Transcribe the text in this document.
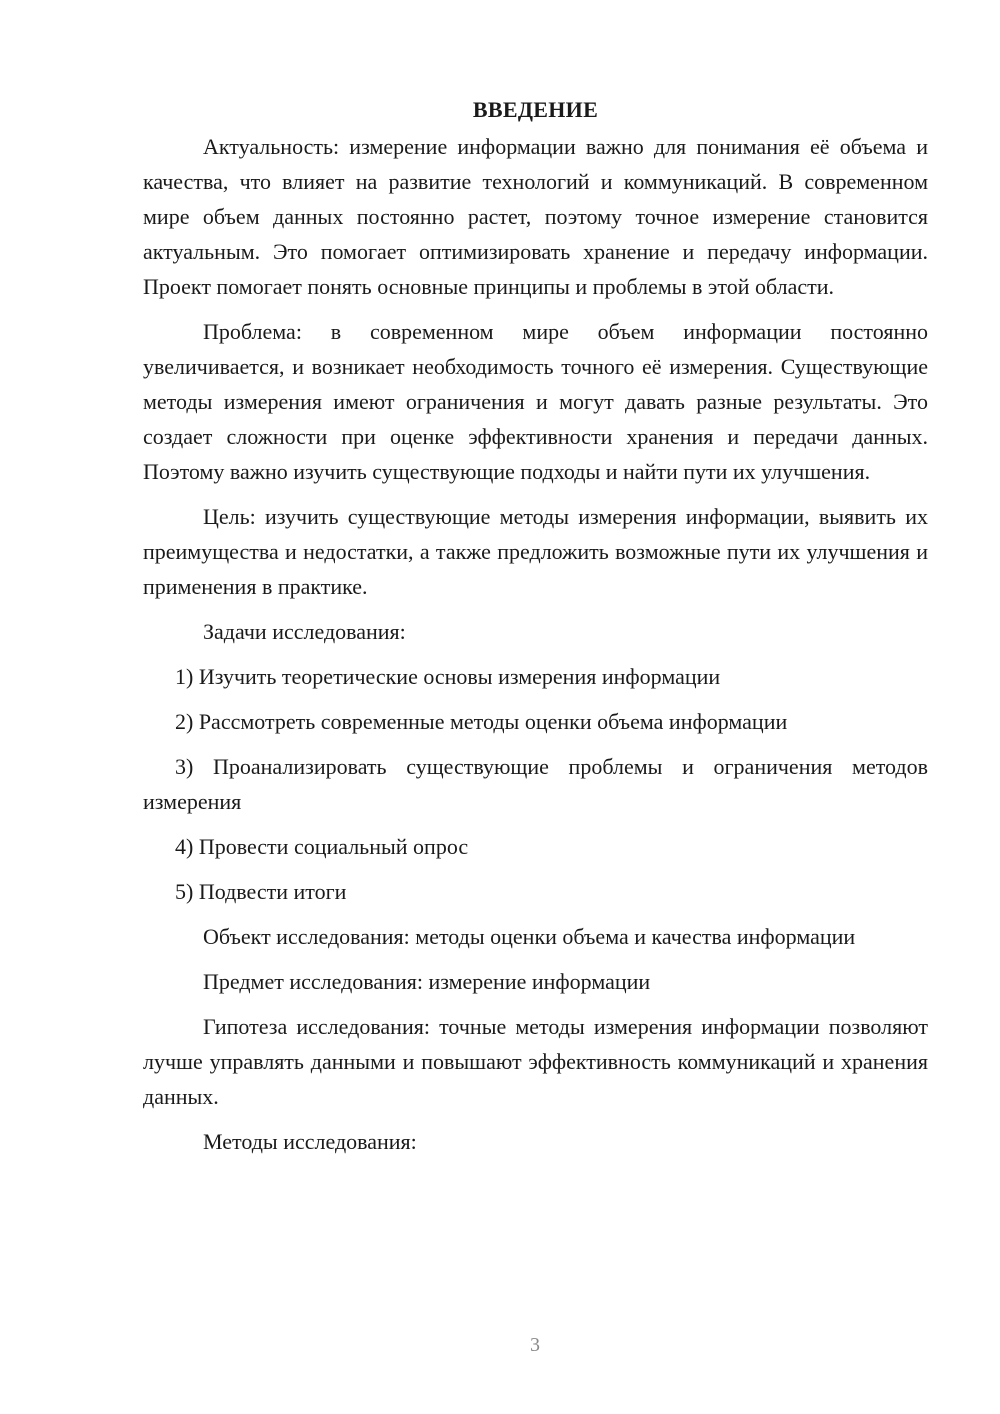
ВВЕДЕНИЕ

Актуальность: измерение информации важно для понимания её объема и качества, что влияет на развитие технологий и коммуникаций. В современном мире объем данных постоянно растет, поэтому точное измерение становится актуальным. Это помогает оптимизировать хранение и передачу информации. Проект помогает понять основные принципы и проблемы в этой области.

Проблема: в современном мире объем информации постоянно увеличивается, и возникает необходимость точного её измерения. Существующие методы измерения имеют ограничения и могут давать разные результаты. Это создает сложности при оценке эффективности хранения и передачи данных. Поэтому важно изучить существующие подходы и найти пути их улучшения.

Цель: изучить существующие методы измерения информации, выявить их преимущества и недостатки, а также предложить возможные пути их улучшения и применения в практике.

Задачи исследования:

1) Изучить теоретические основы измерения информации

2) Рассмотреть современные методы оценки объема информации

3) Проанализировать существующие проблемы и ограничения методов измерения

4) Провести социальный опрос

5) Подвести итоги

Объект исследования: методы оценки объема и качества информации

Предмет исследования: измерение информации

Гипотеза исследования: точные методы измерения информации позволяют лучше управлять данными и повышают эффективность коммуникаций и хранения данных.

Методы исследования:

3
